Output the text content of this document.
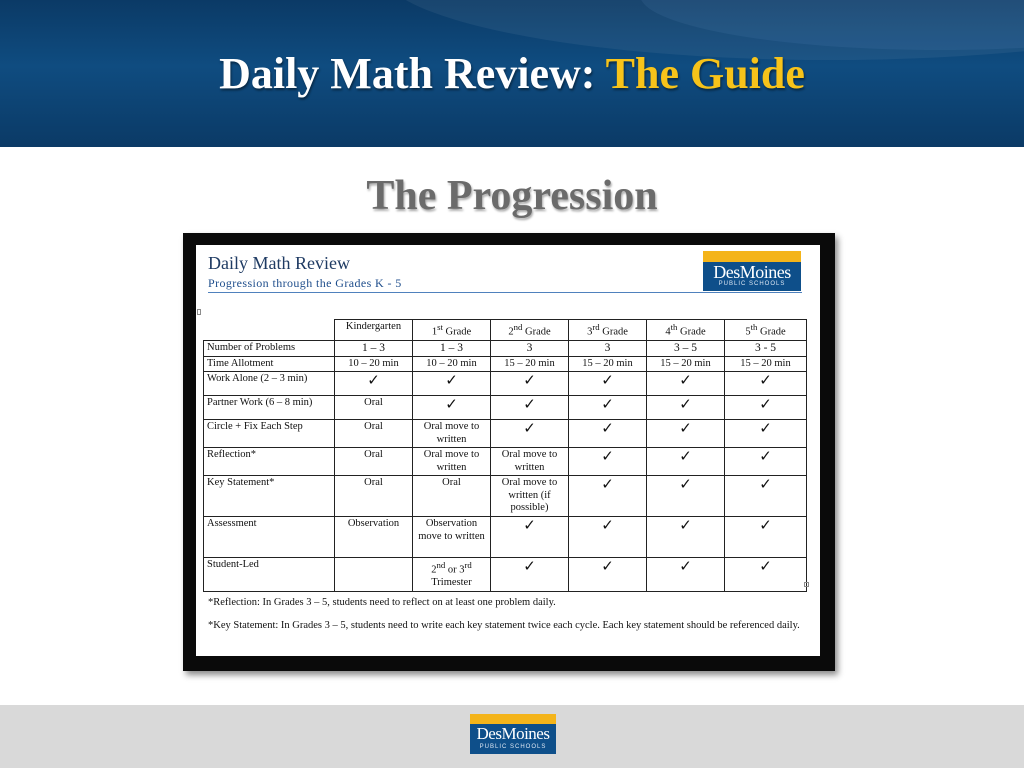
Daily Math Review: The Guide
The Progression
Daily Math Review
Progression through the Grades K - 5
DesMoines
PUBLIC SCHOOLS
	Kindergarten	1st Grade	2nd Grade	3rd Grade	4th Grade	5th Grade
Number of Problems	1 – 3	1 – 3	3	3	3 – 5	3 - 5
Time Allotment	10 – 20 min	10 – 20 min	15 – 20 min	15 – 20 min	15 – 20 min	15 – 20 min
Work Alone (2 – 3 min)	✓	✓	✓	✓	✓	✓
Partner Work (6 – 8 min)	Oral	✓	✓	✓	✓	✓
Circle + Fix Each Step	Oral	Oral move to written	✓	✓	✓	✓
Reflection*	Oral	Oral move to written	Oral move to written	✓	✓	✓
Key Statement*	Oral	Oral	Oral move to written (if possible)	✓	✓	✓
Assessment	Observation	Observation move to written	✓	✓	✓	✓
Student-Led		2nd or 3rd Trimester	✓	✓	✓	✓
*Reflection: In Grades 3 – 5, students need to reflect on at least one problem daily.
*Key Statement: In Grades 3 – 5, students need to write each key statement twice each cycle. Each key statement should be referenced daily.
DesMoines
PUBLIC SCHOOLS
